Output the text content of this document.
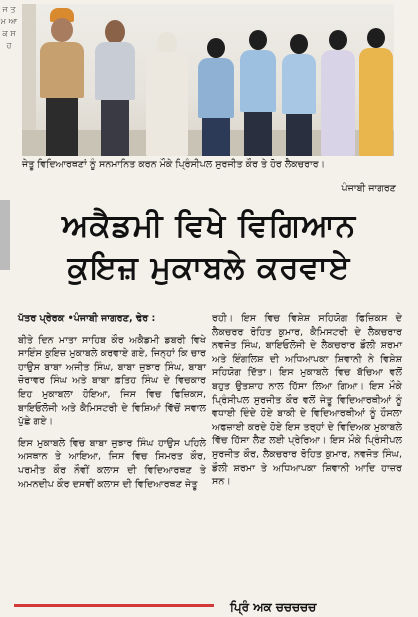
ਜ ਤ ਮ ਆ ਕ ਸ ਹ
ਜੇਤੂ ਵਿਦਿਆਰਥਣਾਂ ਨੂੰ ਸਨਮਾਨਿਤ ਕਰਨ ਮੌਕੇ ਪ੍ਰਿੰਸੀਪਲ ਸੁਰਜੀਤ ਕੌਰ ਤੇ ਹੋਰ ਲੈਕਚਰਾਰ।
ਪੰਜਾਬੀ ਜਾਗਰਣ
ਅਕੈਡਮੀ ਵਿਖੇ ਵਿਗਿਆਨ
ਕੁਇਜ਼ ਮੁਕਾਬਲੇ ਕਰਵਾਏ

ਪੱਤਰ ਪ੍ਰੇਰਕ •ਪੰਜਾਬੀ ਜਾਗਰਣ, ਢੇਰ :

ਬੀਤੇ ਦਿਨ ਮਾਤਾ ਸਾਹਿਬ ਕੌਰ ਅਕੈਡਮੀ ਡਬਰੀ ਵਿਖੇ ਸਾਇੰਸ ਕੁਇਜ਼ ਮੁਕਾਬਲੇ ਕਰਵਾਏ ਗਏ, ਜਿਨ੍ਹਾਂ ਕਿ ਚਾਰ ਹਾਉਸ ਬਾਬਾ ਅਜੀਤ ਸਿੰਘ, ਬਾਬਾ ਜੁਝਾਰ ਸਿੰਘ, ਬਾਬਾ ਜ਼ੋਰਾਵਰ ਸਿੰਘ ਅਤੇ ਬਾਬਾ ਫ਼ਤਿਹ ਸਿੰਘ ਦੇ ਵਿਚਕਾਰ ਇਹ ਮੁਕਾਬਲਾ ਹੋਇਆ, ਜਿਸ ਵਿਚ ਫਿਜ਼ਿਕਸ, ਬਾਇਓਲੋਜੀ ਅਤੇ ਕੈਮਿਸਟਰੀ ਦੇ ਵਿਸ਼ਿਆਂ ਵਿੱਚੋਂ ਸਵਾਲ ਪੁੱਛੇ ਗਏ।

ਇਸ ਮੁਕਾਬਲੇ ਵਿਚ ਬਾਬਾ ਜੁਝਾਰ ਸਿੰਘ ਹਾਉਸ ਪਹਿਲੇ ਅਸਥਾਨ ਤੇ ਆਇਆ, ਜਿਸ ਵਿਚ ਸਿਮਰਤ ਕੌਰ, ਪਰਮੀਤ ਕੌਰ ਨੌਵੀਂ ਕਲਾਸ ਦੀ ਵਿਦਿਆਰਥਣ ਤੇ ਅਮਨਦੀਪ ਕੌਰ ਦਸਵੀਂ ਕਲਾਸ ਦੀ ਵਿਦਿਆਰਥਣ ਜੇਤੂ

ਰਹੀ। ਇਸ ਵਿਚ ਵਿਸ਼ੇਸ਼ ਸਹਿਯੋਗ ਫਿਜ਼ਿਕਸ ਦੇ ਲੈਕਚਰਰ ਰੋਹਿਤ ਕੁਮਾਰ, ਕੈਮਿਸਟਰੀ ਦੇ ਲੈਕਚਰਾਰ ਨਵਜੋਤ ਸਿੰਘ, ਬਾਇਓਲੋਜੀ ਦੇ ਲੈਕਚਰਾਰ ਡੌਲੀ ਸ਼ਰਮਾ ਅਤੇ ਇੰਗਲਿਸ਼ ਦੀ ਅਧਿਆਪਕਾ ਸ਼ਿਵਾਨੀ ਨੇ ਵਿਸ਼ੇਸ਼ ਸਹਿਯੋਗ ਦਿੱਤਾ। ਇਸ ਮੁਕਾਬਲੇ ਵਿਚ ਬੱਚਿਆ ਵਲੋਂ ਬਹੁਤ ਉਤਸ਼ਾਹ ਨਾਲ ਹਿੱਸਾ ਲਿਆ ਗਿਆ। ਇਸ ਮੌਕੇ ਪ੍ਰਿੰਸੀਪਲ ਸੁਰਜੀਤ ਕੌਰ ਵਲੋਂ ਜੇਤੂ ਵਿਦਿਆਰਥੀਆਂ ਨੂੰ ਵਧਾਈ ਦਿੰਦੇ ਹੋਏ ਬਾਕੀ ਦੇ ਵਿਦਿਆਰਥੀਆਂ ਨੂੰ ਹੌਸਲਾ ਅਫਜ਼ਾਈ ਕਰਦੇ ਹੋਏ ਇਸ ਤਰ੍ਹਾਂ ਦੇ ਵਿਦਿਅਕ ਮੁਕਾਬਲੇ ਵਿੱਚ ਹਿੱਸਾ ਲੈਣ ਲਈ ਪ੍ਰੇਰਿਆ। ਇਸ ਮੌਕੇ ਪ੍ਰਿੰਸੀਪਲ ਸੁਰਜੀਤ ਕੌਰ, ਲੈਕਚਰਾਰ ਰੋਹਿਤ ਕੁਮਾਰ, ਨਵਜੋਤ ਸਿੰਘ, ਡੌਲੀ ਸ਼ਰਮਾ ਤੇ ਅਧਿਆਪਕਾ ਸ਼ਿਵਾਨੀ ਆਦਿ ਹਾਜ਼ਰ ਸਨ।

ਪ੍ਰਿੰ ਅਕ ਚਚਚਚਚ
